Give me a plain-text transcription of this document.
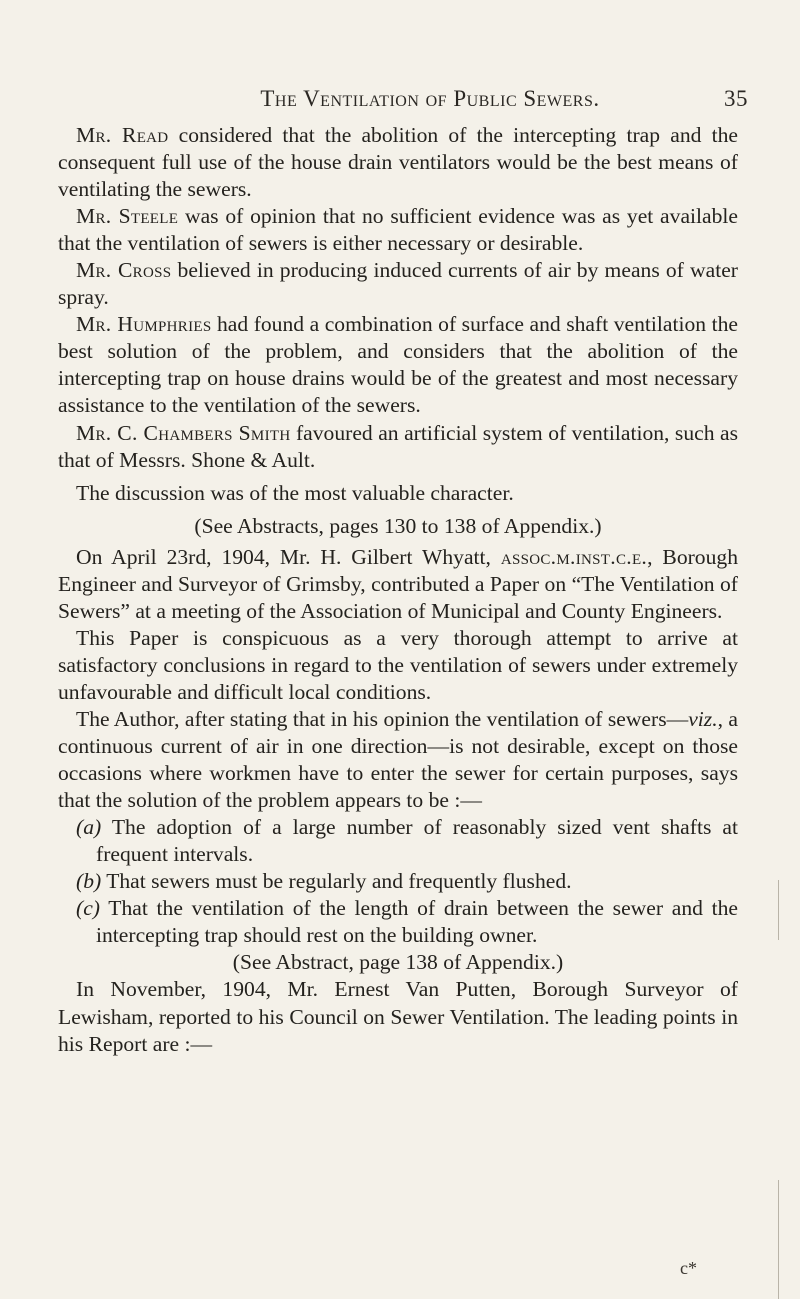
The Ventilation of Public Sewers.	35

Mr. Read considered that the abolition of the intercepting trap and the consequent full use of the house drain ventilators would be the best means of ventilating the sewers.

Mr. Steele was of opinion that no sufficient evidence was as yet available that the ventilation of sewers is either necessary or desirable.

Mr. Cross believed in producing induced currents of air by means of water spray.

Mr. Humphries had found a combination of surface and shaft ventilation the best solution of the problem, and considers that the abolition of the intercepting trap on house drains would be of the greatest and most necessary assistance to the ventilation of the sewers.

Mr. C. Chambers Smith favoured an artificial system of ventilation, such as that of Messrs. Shone & Ault.

The discussion was of the most valuable character.

(See Abstracts, pages 130 to 138 of Appendix.)

On April 23rd, 1904, Mr. H. Gilbert Whyatt, assoc.m.inst.c.e., Borough Engineer and Surveyor of Grimsby, contributed a Paper on “The Ventilation of Sewers” at a meeting of the Association of Municipal and County Engineers.

This Paper is conspicuous as a very thorough attempt to arrive at satisfactory conclusions in regard to the ventilation of sewers under extremely unfavourable and difficult local conditions.

The Author, after stating that in his opinion the ventilation of sewers—viz., a continuous current of air in one direction—is not desirable, except on those occasions where workmen have to enter the sewer for certain purposes, says that the solution of the problem appears to be :—

(a) The adoption of a large number of reasonably sized vent shafts at frequent intervals.

(b) That sewers must be regularly and frequently flushed.

(c) That the ventilation of the length of drain between the sewer and the intercepting trap should rest on the building owner.

(See Abstract, page 138 of Appendix.)

In November, 1904, Mr. Ernest Van Putten, Borough Surveyor of Lewisham, reported to his Council on Sewer Ventilation. The leading points in his Report are :—

c*
